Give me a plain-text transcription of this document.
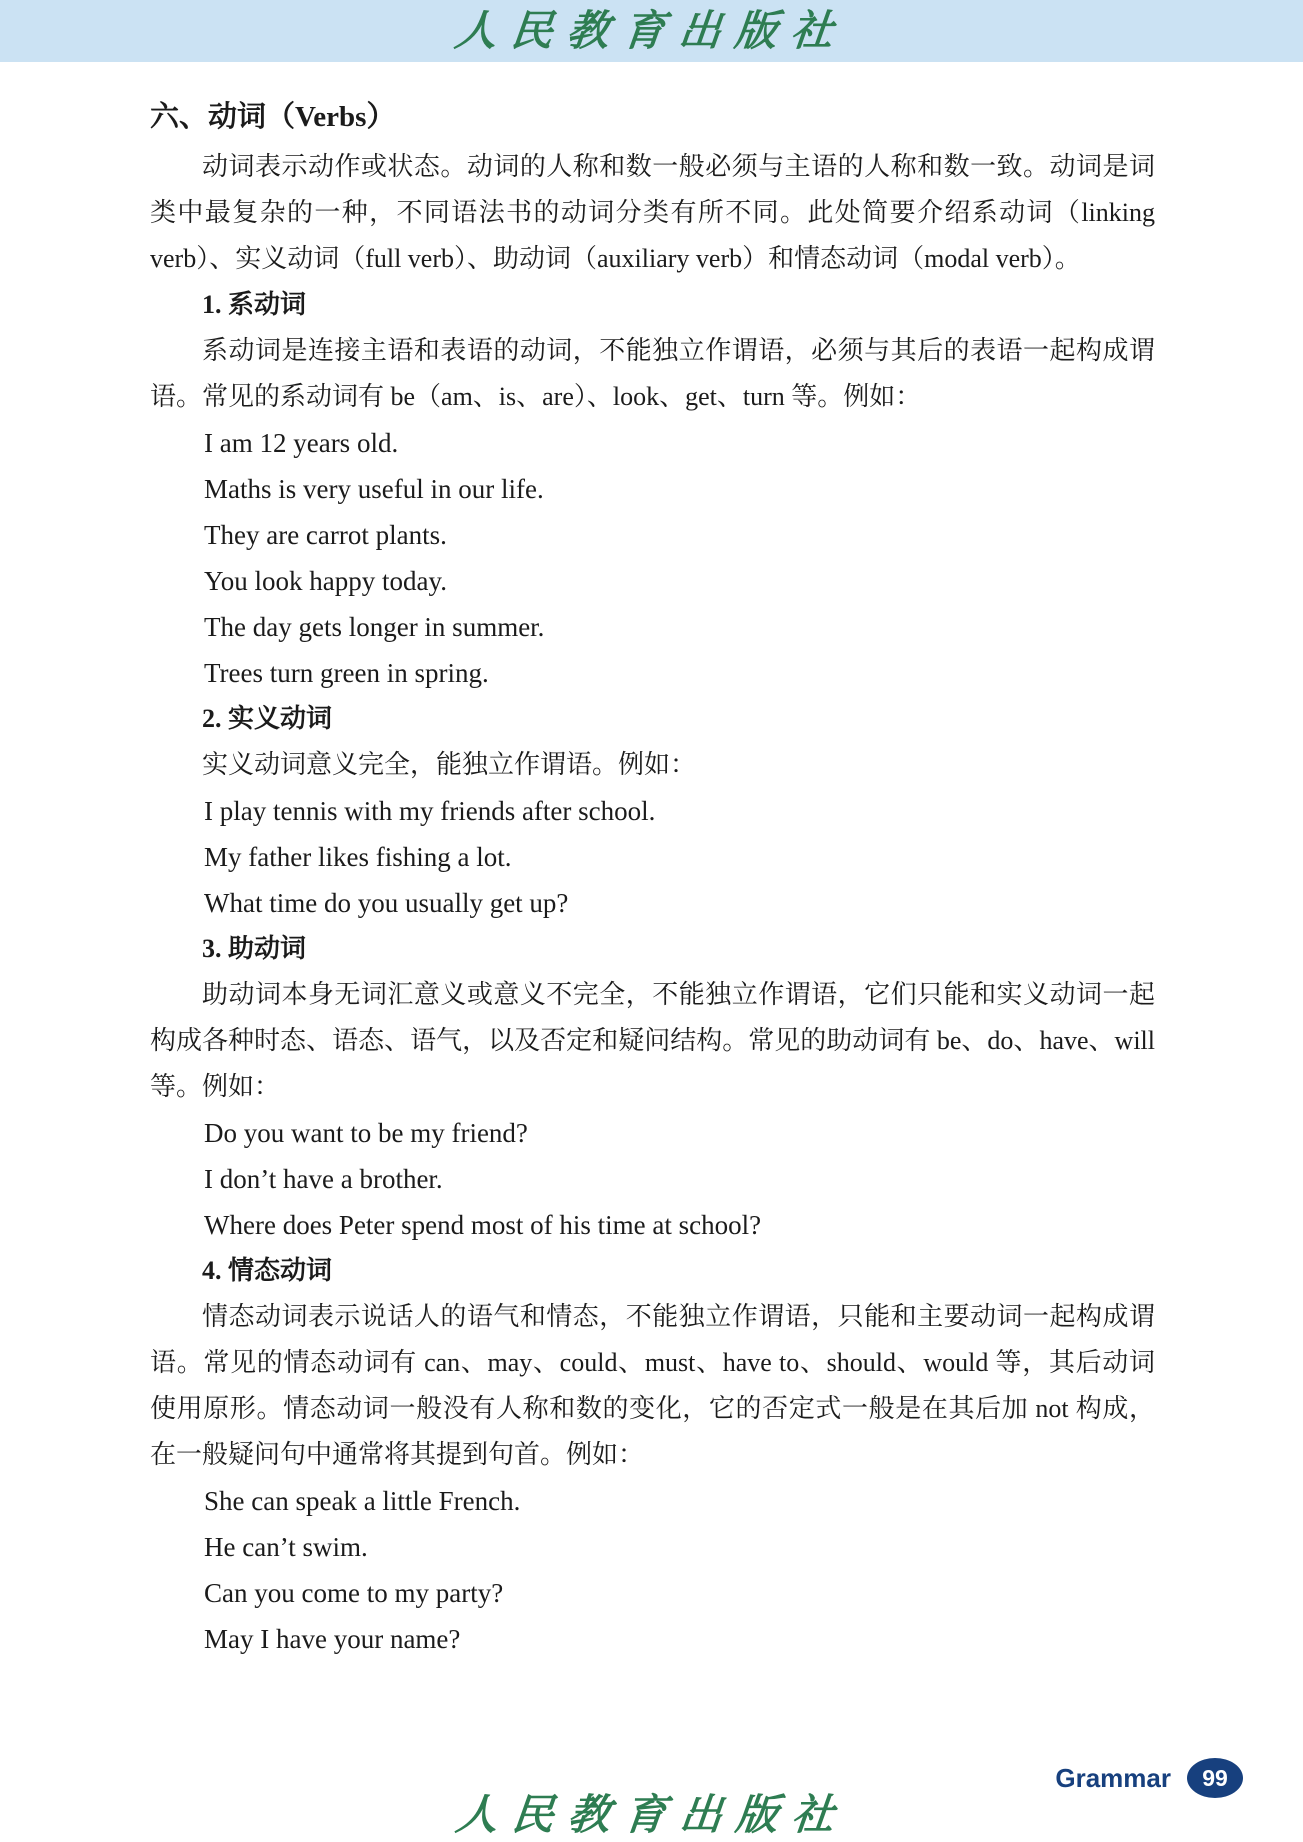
人民教育出版社
六、动词（Verbs）

动词表示动作或状态。动词的人称和数一般必须与主语的人称和数一致。动词是词类中最复杂的一种，不同语法书的动词分类有所不同。此处简要介绍系动词（linking verb）、实义动词（full verb）、助动词（auxiliary verb）和情态动词（modal verb）。

1. 系动词

系动词是连接主语和表语的动词，不能独立作谓语，必须与其后的表语一起构成谓语。常见的系动词有 be（am、is、are）、look、get、turn 等。例如：

I am 12 years old.
Maths is very useful in our life.
They are carrot plants.
You look happy today.
The day gets longer in summer.
Trees turn green in spring.
2. 实义动词

实义动词意义完全，能独立作谓语。例如：

I play tennis with my friends after school.
My father likes fishing a lot.
What time do you usually get up?
3. 助动词

助动词本身无词汇意义或意义不完全，不能独立作谓语，它们只能和实义动词一起构成各种时态、语态、语气，以及否定和疑问结构。常见的助动词有 be、do、have、will 等。例如：

Do you want to be my friend?
I don’t have a brother.
Where does Peter spend most of his time at school?
4. 情态动词

情态动词表示说话人的语气和情态，不能独立作谓语，只能和主要动词一起构成谓语。常见的情态动词有 can、may、could、must、have to、should、would 等，其后动词使用原形。情态动词一般没有人称和数的变化，它的否定式一般是在其后加 not 构成，在一般疑问句中通常将其提到句首。例如：

She can speak a little French.
He can’t swim.
Can you come to my party?
May I have your name?
Grammar 99
人民教育出版社
